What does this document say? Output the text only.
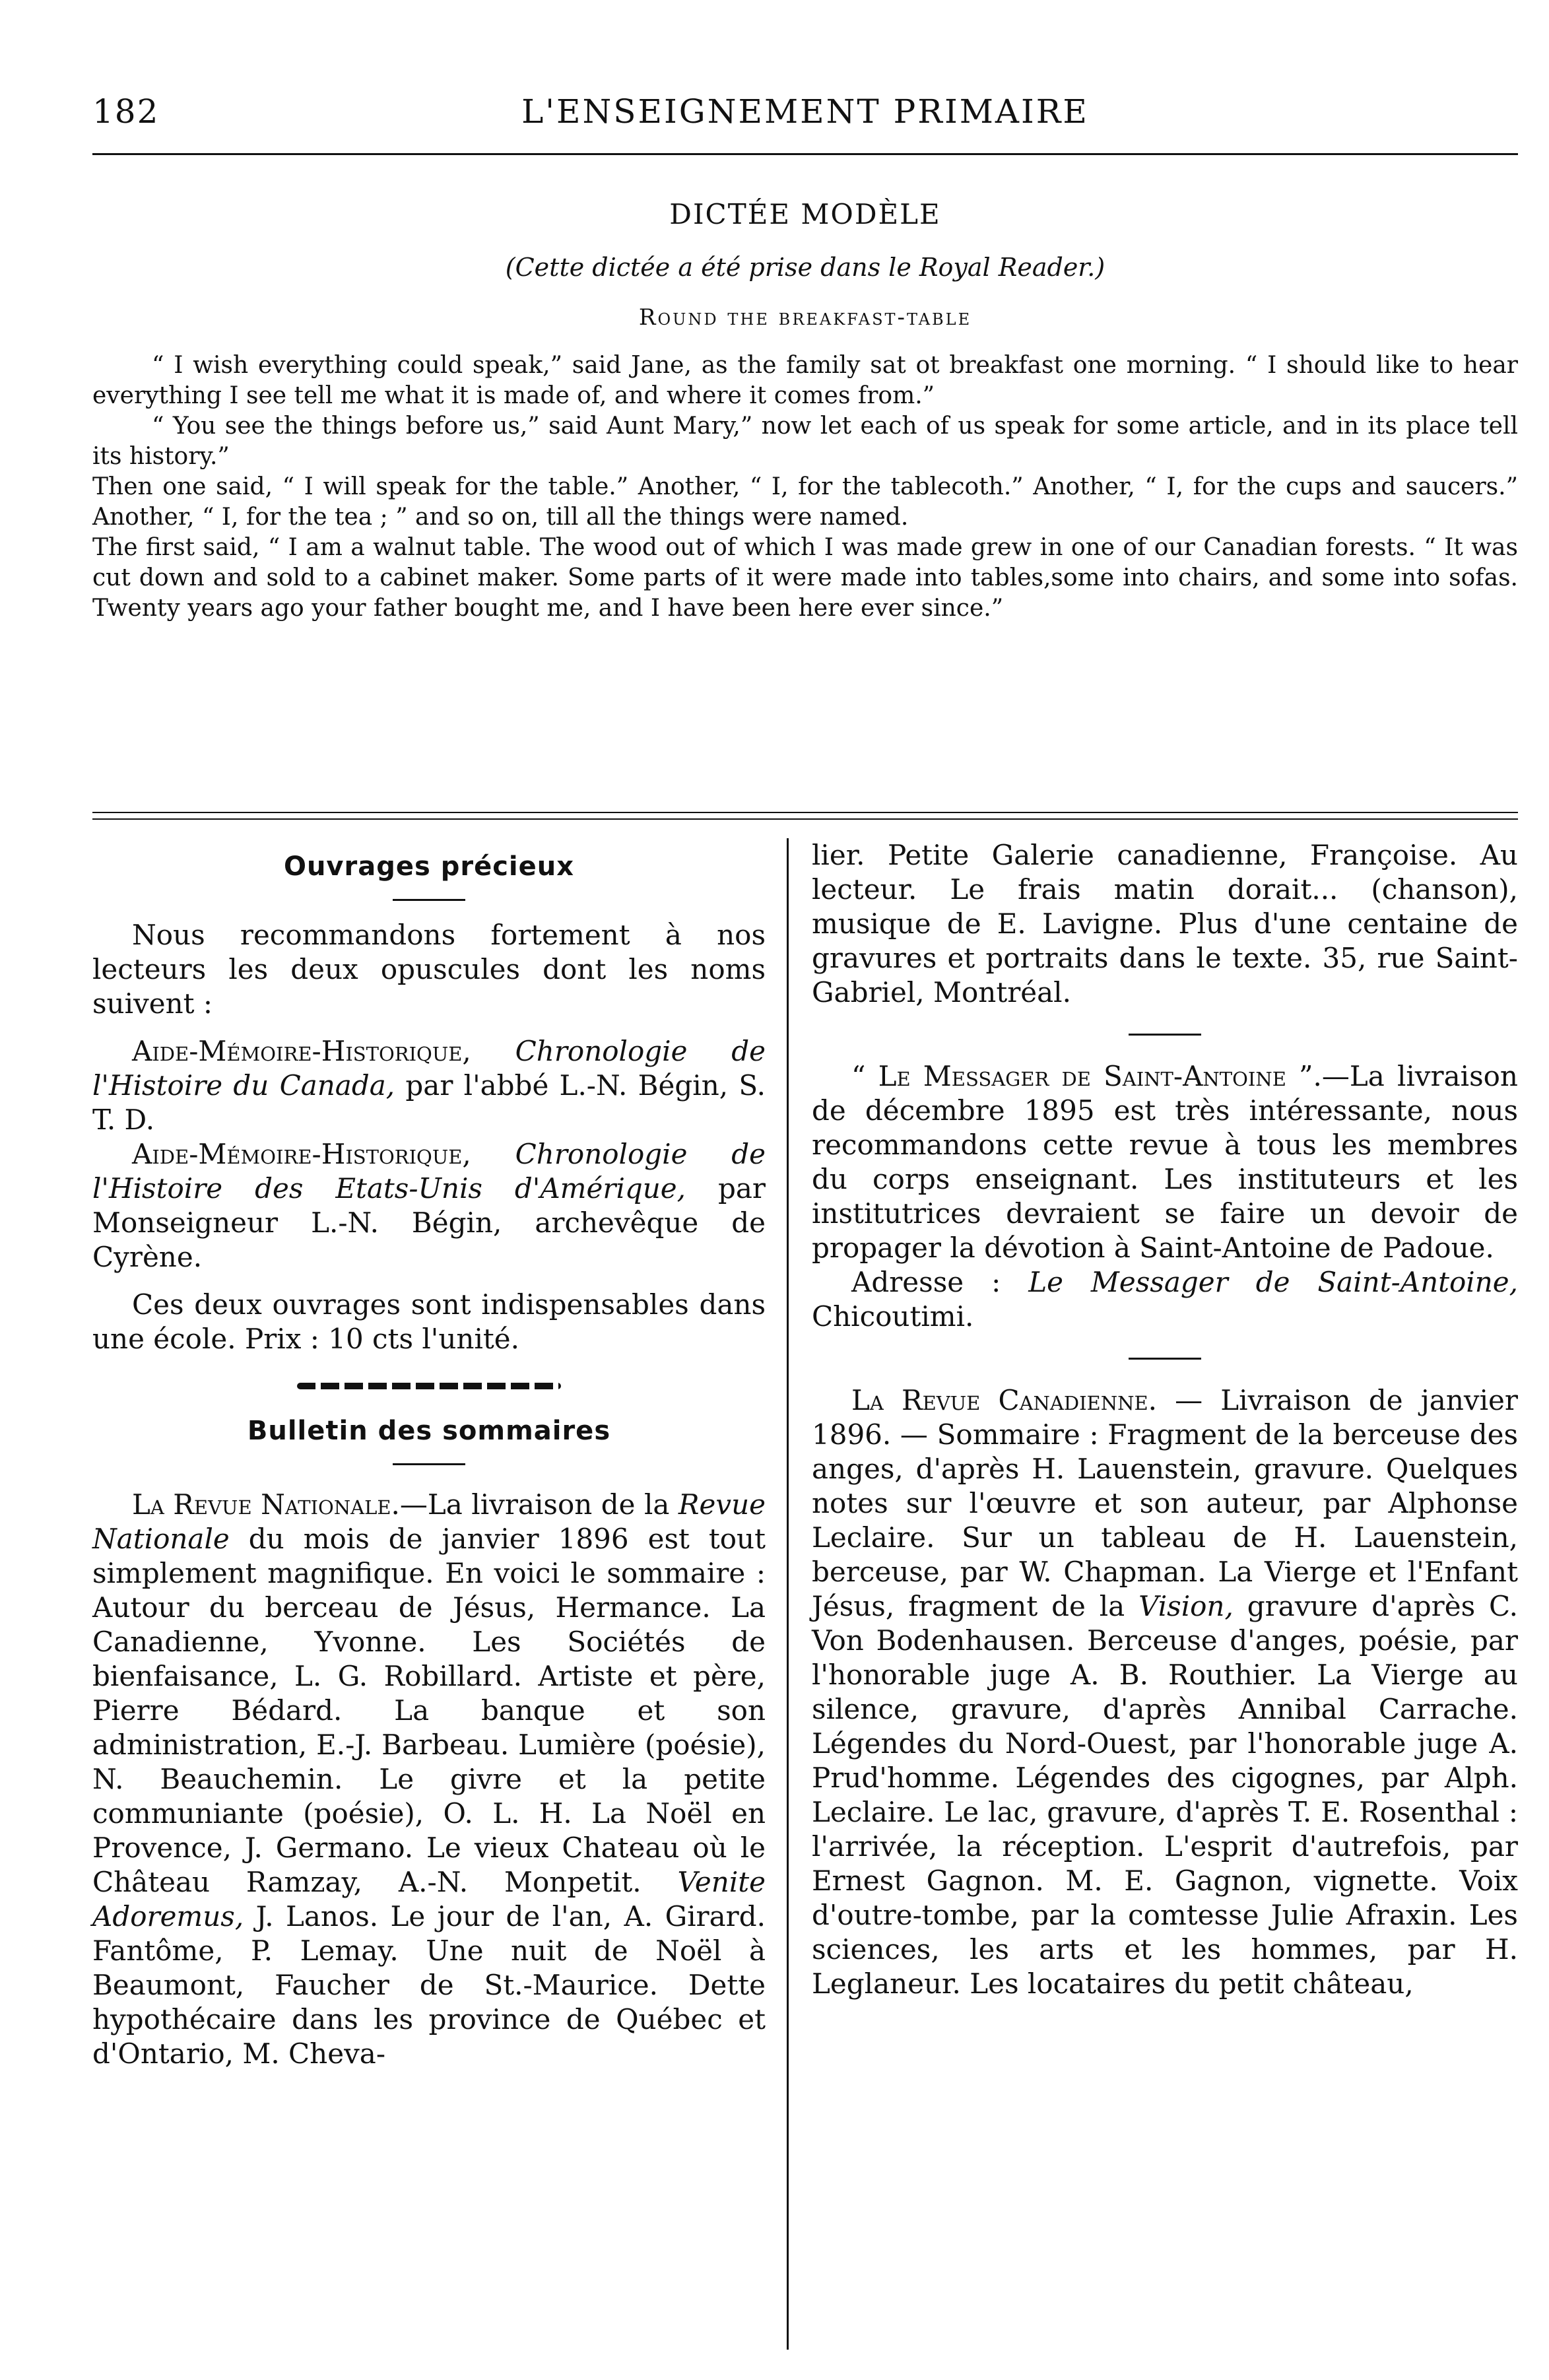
182	L'ENSEIGNEMENT PRIMAIRE
DICTÉE MODÈLE
(Cette dictée a été prise dans le Royal Reader.)
Round the breakfast-table

“ I wish everything could speak,” said Jane, as the family sat ot breakfast one morning. “ I should like to hear everything I see tell me what it is made of, and where it comes from.”

“ You see the things before us,” said Aunt Mary,” now let each of us speak for some article, and in its place tell its history.”

Then one said, “ I will speak for the table.” Another, “ I, for the tablecoth.” Another, “ I, for the cups and saucers.” Another, “ I, for the tea ; ” and so on, till all the things were named.

The first said, “ I am a walnut table. The wood out of which I was made grew in one of our Canadian forests. “ It was cut down and sold to a cabinet maker. Some parts of it were made into tables,some into chairs, and some into sofas. Twenty years ago your father bought me, and I have been here ever since.”

Ouvrages précieux

Nous recommandons fortement à nos lecteurs les deux opuscules dont les noms suivent :

Aide-Mémoire-Historique, Chronologie de l'Histoire du Canada, par l'abbé L.-N. Bégin, S. T. D.

Aide-Mémoire-Historique, Chronologie de l'Histoire des Etats-Unis d'Amérique, par Monseigneur L.-N. Bégin, archevêque de Cyrène.

Ces deux ouvrages sont indispensables dans une école. Prix : 10 cts l'unité.

Bulletin des sommaires

La Revue Nationale.—La livraison de la Revue Nationale du mois de janvier 1896 est tout simplement magnifique. En voici le sommaire : Autour du berceau de Jésus, Hermance. La Canadienne, Yvonne. Les Sociétés de bienfaisance, L. G. Robillard. Artiste et père, Pierre Bédard. La banque et son administration, E.-J. Barbeau. Lumière (poésie), N. Beauchemin. Le givre et la petite communiante (poésie), O. L. H. La Noël en Provence, J. Germano. Le vieux Chateau où le Château Ramzay, A.-N. Monpetit. Venite Adoremus, J. Lanos. Le jour de l'an, A. Girard. Fantôme, P. Lemay. Une nuit de Noël à Beaumont, Faucher de St.-Maurice. Dette hypothécaire dans les province de Québec et d'Ontario, M. Cheva-

lier. Petite Galerie canadienne, Françoise. Au lecteur. Le frais matin dorait... (chanson), musique de E. Lavigne. Plus d'une centaine de gravures et portraits dans le texte. 35, rue Saint-Gabriel, Montréal.

“ Le Messager de Saint-Antoine ”.—La livraison de décembre 1895 est très intéressante, nous recommandons cette revue à tous les membres du corps enseignant. Les instituteurs et les institutrices devraient se faire un devoir de propager la dévotion à Saint-Antoine de Padoue.

Adresse : Le Messager de Saint-Antoine, Chicoutimi.

La Revue Canadienne. — Livraison de janvier 1896. — Sommaire : Fragment de la berceuse des anges, d'après H. Lauenstein, gravure. Quelques notes sur l'œuvre et son auteur, par Alphonse Leclaire. Sur un tableau de H. Lauenstein, berceuse, par W. Chapman. La Vierge et l'Enfant Jésus, fragment de la Vision, gravure d'après C. Von Bodenhausen. Berceuse d'anges, poésie, par l'honorable juge A. B. Routhier. La Vierge au silence, gravure, d'après Annibal Carrache. Légendes du Nord-Ouest, par l'honorable juge A. Prud'homme. Légendes des cigognes, par Alph. Leclaire. Le lac, gravure, d'après T. E. Rosenthal : l'arrivée, la réception. L'esprit d'autrefois, par Ernest Gagnon. M. E. Gagnon, vignette. Voix d'outre-tombe, par la comtesse Julie Afraxin. Les sciences, les arts et les hommes, par H. Leglaneur. Les locataires du petit château,
